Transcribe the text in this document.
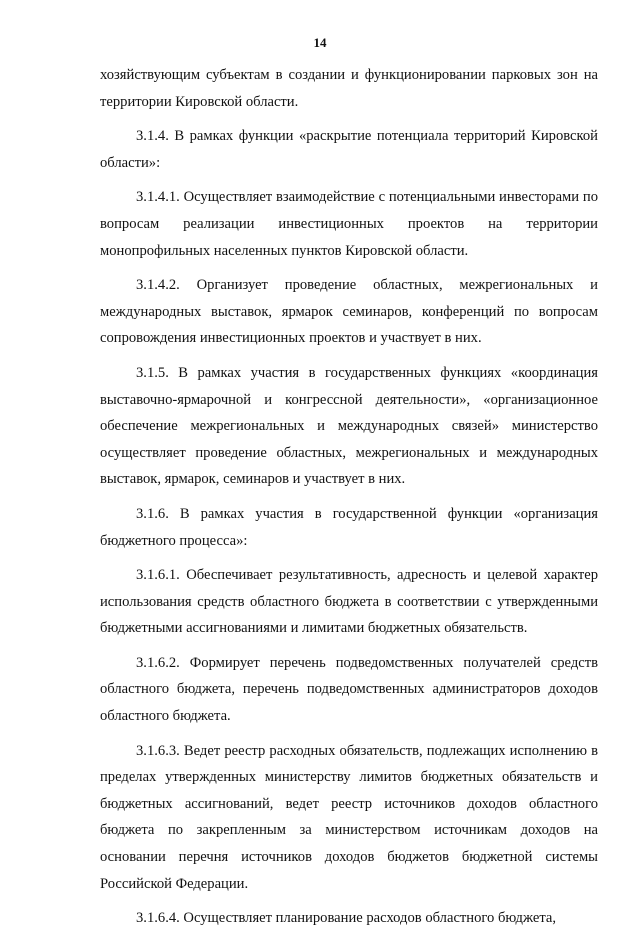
14

хозяйствующим субъектам в создании и функционировании парковых зон на территории Кировской области.

3.1.4. В рамках функции «раскрытие потенциала территорий Кировской области»:

3.1.4.1. Осуществляет взаимодействие с потенциальными инвесторами по вопросам реализации инвестиционных проектов на территории монопрофильных населенных пунктов Кировской области.

3.1.4.2. Организует проведение областных, межрегиональных и международных выставок, ярмарок семинаров, конференций по вопросам сопровождения инвестиционных проектов и участвует в них.

3.1.5. В рамках участия в государственных функциях «координация выставочно-ярмарочной и конгрессной деятельности», «организационное обеспечение межрегиональных и международных связей» министерство осуществляет проведение областных, межрегиональных и международных выставок, ярмарок, семинаров и участвует в них.

3.1.6. В рамках участия в государственной функции «организация бюджетного процесса»:

3.1.6.1. Обеспечивает результативность, адресность и целевой характер использования средств областного бюджета в соответствии с утвержденными бюджетными ассигнованиями и лимитами бюджетных обязательств.

3.1.6.2. Формирует перечень подведомственных получателей средств областного бюджета, перечень подведомственных администраторов доходов областного бюджета.

3.1.6.3. Ведет реестр расходных обязательств, подлежащих исполнению в пределах утвержденных министерству лимитов бюджетных обязательств и бюджетных ассигнований, ведет реестр источников доходов областного бюджета по закрепленным за министерством источникам доходов на основании перечня источников доходов бюджетов бюджетной системы Российской Федерации.

3.1.6.4. Осуществляет планирование расходов областного бюджета,
